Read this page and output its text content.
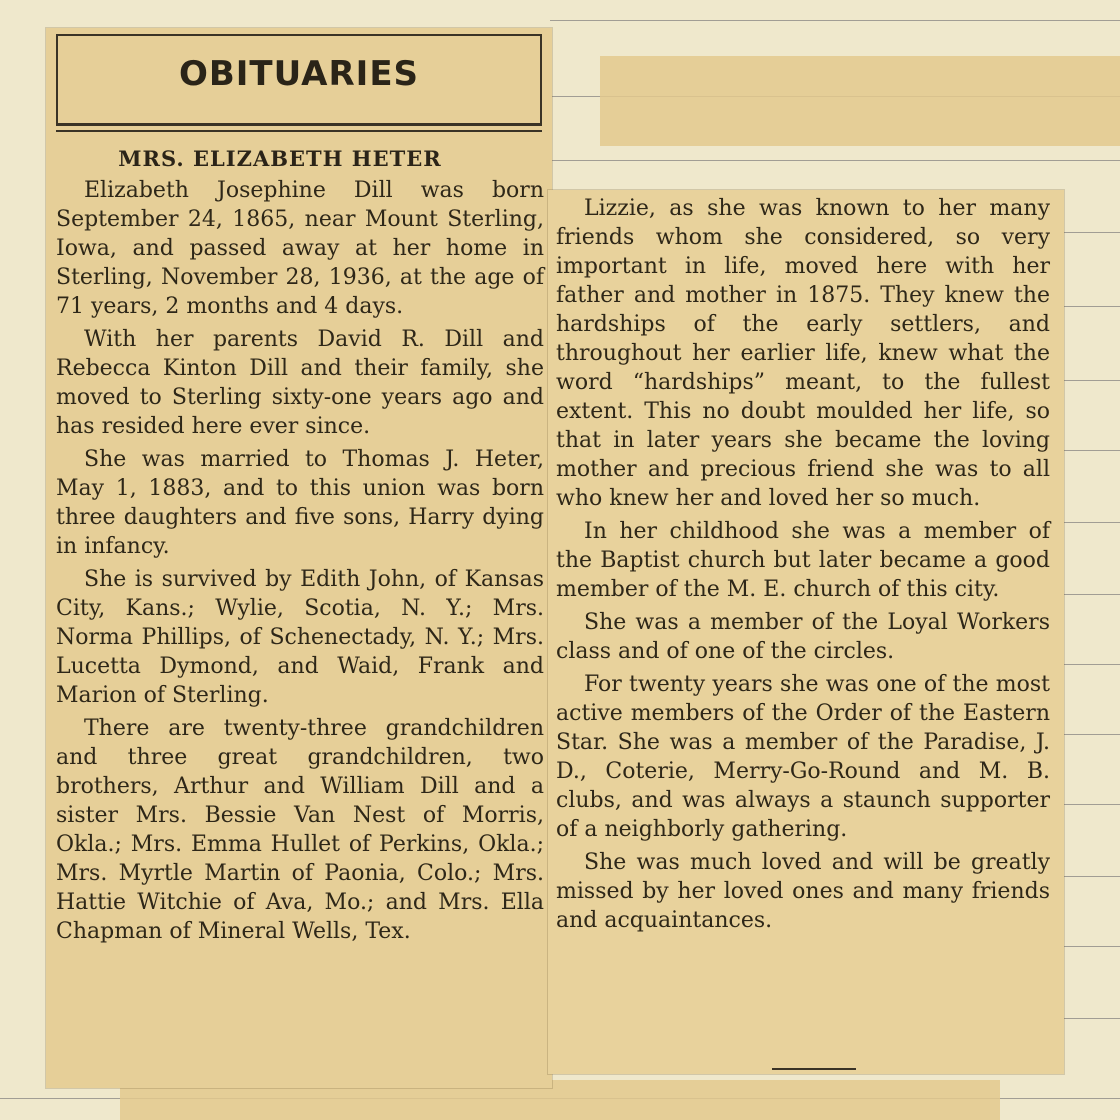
OBITUARIES
MRS. ELIZABETH HETER

Elizabeth Josephine Dill was born September 24, 1865, near Mount Sterling, Iowa, and passed away at her home in Sterling, November 28, 1936, at the age of 71 years, 2 months and 4 days.

With her parents David R. Dill and Rebecca Kinton Dill and their family, she moved to Sterling sixty-one years ago and has resided here ever since.

She was married to Thomas J. Heter, May 1, 1883, and to this union was born three daughters and five sons, Harry dying in infancy.

She is survived by Edith John, of Kansas City, Kans.; Wylie, Scotia, N. Y.; Mrs. Norma Phillips, of Schenectady, N. Y.; Mrs. Lucetta Dymond, and Waid, Frank and Marion of Sterling.

There are twenty-three grandchildren and three great grandchildren, two brothers, Arthur and William Dill and a sister Mrs. Bessie Van Nest of Morris, Okla.; Mrs. Emma Hullet of Perkins, Okla.; Mrs. Myrtle Martin of Paonia, Colo.; Mrs. Hattie Witchie of Ava, Mo.; and Mrs. Ella Chapman of Mineral Wells, Tex.

Lizzie, as she was known to her many friends whom she considered, so very important in life, moved here with her father and mother in 1875. They knew the hardships of the early settlers, and throughout her earlier life, knew what the word “hardships” meant, to the fullest extent. This no doubt moulded her life, so that in later years she became the loving mother and precious friend she was to all who knew her and loved her so much.

In her childhood she was a member of the Baptist church but later became a good member of the M. E. church of this city.

She was a member of the Loyal Workers class and of one of the circles.

For twenty years she was one of the most active members of the Order of the Eastern Star. She was a member of the Paradise, J. D., Coterie, Merry-Go-Round and M. B. clubs, and was always a staunch supporter of a neighborly gathering.

She was much loved and will be greatly missed by her loved ones and many friends and acquaintances.
